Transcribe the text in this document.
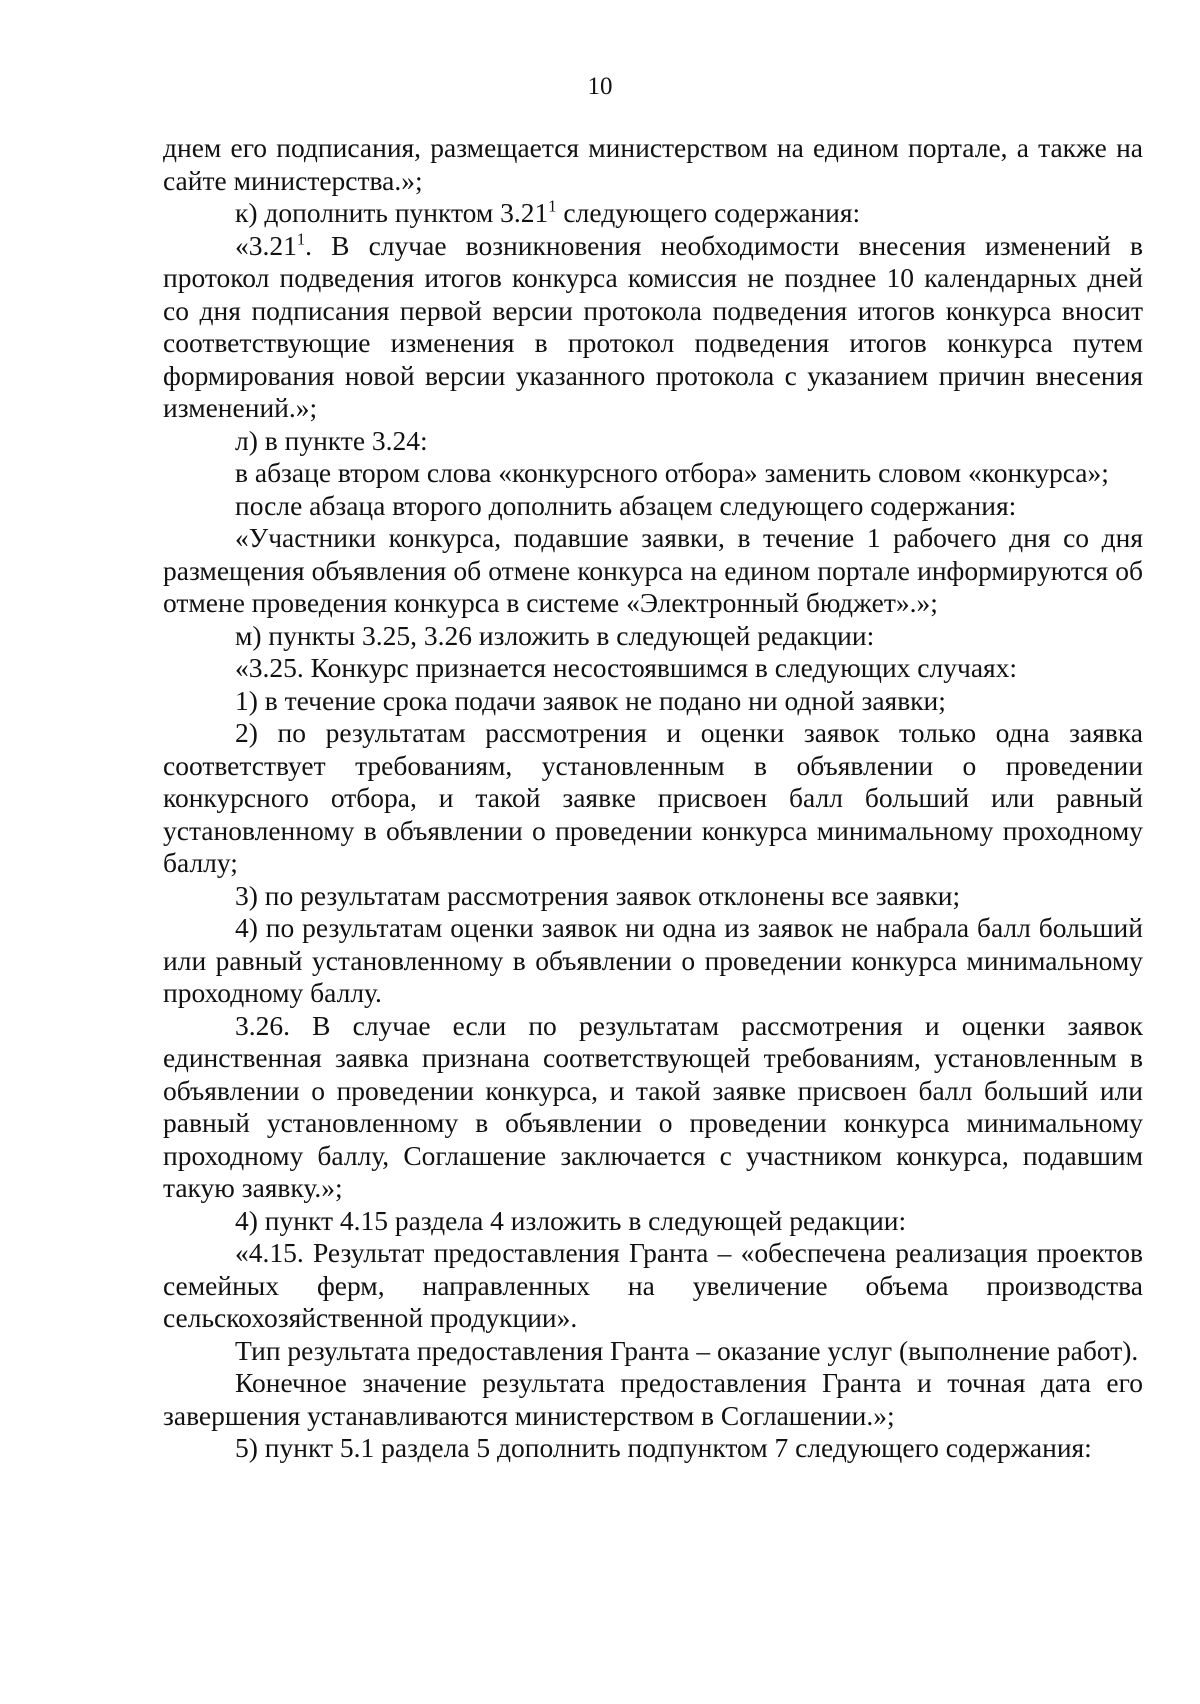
10

днем его подписания, размещается министерством на едином портале, а также на сайте министерства.»;

к) дополнить пунктом 3.21$^1$ следующего содержания:

«3.21$^1$. В случае возникновения необходимости внесения изменений в протокол подведения итогов конкурса комиссия не позднее 10 календарных дней со дня подписания первой версии протокола подведения итогов конкурса вносит соответствующие изменения в протокол подведения итогов конкурса путем формирования новой версии указанного протокола с указанием причин внесения изменений.»;

л) в пункте 3.24:

в абзаце втором слова «конкурсного отбора» заменить словом «конкурса»;

после абзаца второго дополнить абзацем следующего содержания:

«Участники конкурса, подавшие заявки, в течение 1 рабочего дня со дня размещения объявления об отмене конкурса на едином портале информируются об отмене проведения конкурса в системе «Электронный бюджет».»;

м) пункты 3.25, 3.26 изложить в следующей редакции:

«3.25. Конкурс признается несостоявшимся в следующих случаях:

1) в течение срока подачи заявок не подано ни одной заявки;

2) по результатам рассмотрения и оценки заявок только одна заявка соответствует требованиям, установленным в объявлении о проведении конкурсного отбора, и такой заявке присвоен балл больший или равный установленному в объявлении о проведении конкурса минимальному проходному баллу;

3) по результатам рассмотрения заявок отклонены все заявки;

4) по результатам оценки заявок ни одна из заявок не набрала балл больший или равный установленному в объявлении о проведении конкурса минимальному проходному баллу.

3.26. В случае если по результатам рассмотрения и оценки заявок единственная заявка признана соответствующей требованиям, установленным в объявлении о проведении конкурса, и такой заявке присвоен балл больший или равный установленному в объявлении о проведении конкурса минимальному проходному баллу, Соглашение заключается с участником конкурса, подавшим такую заявку.»;

4) пункт 4.15 раздела 4 изложить в следующей редакции:

«4.15. Результат предоставления Гранта – «обеспечена реализация проектов семейных ферм, направленных на увеличение объема производства сельскохозяйственной продукции».

Тип результата предоставления Гранта – оказание услуг (выполнение работ).

Конечное значение результата предоставления Гранта и точная дата его завершения устанавливаются министерством в Соглашении.»;

5) пункт 5.1 раздела 5 дополнить подпунктом 7 следующего содержания:
